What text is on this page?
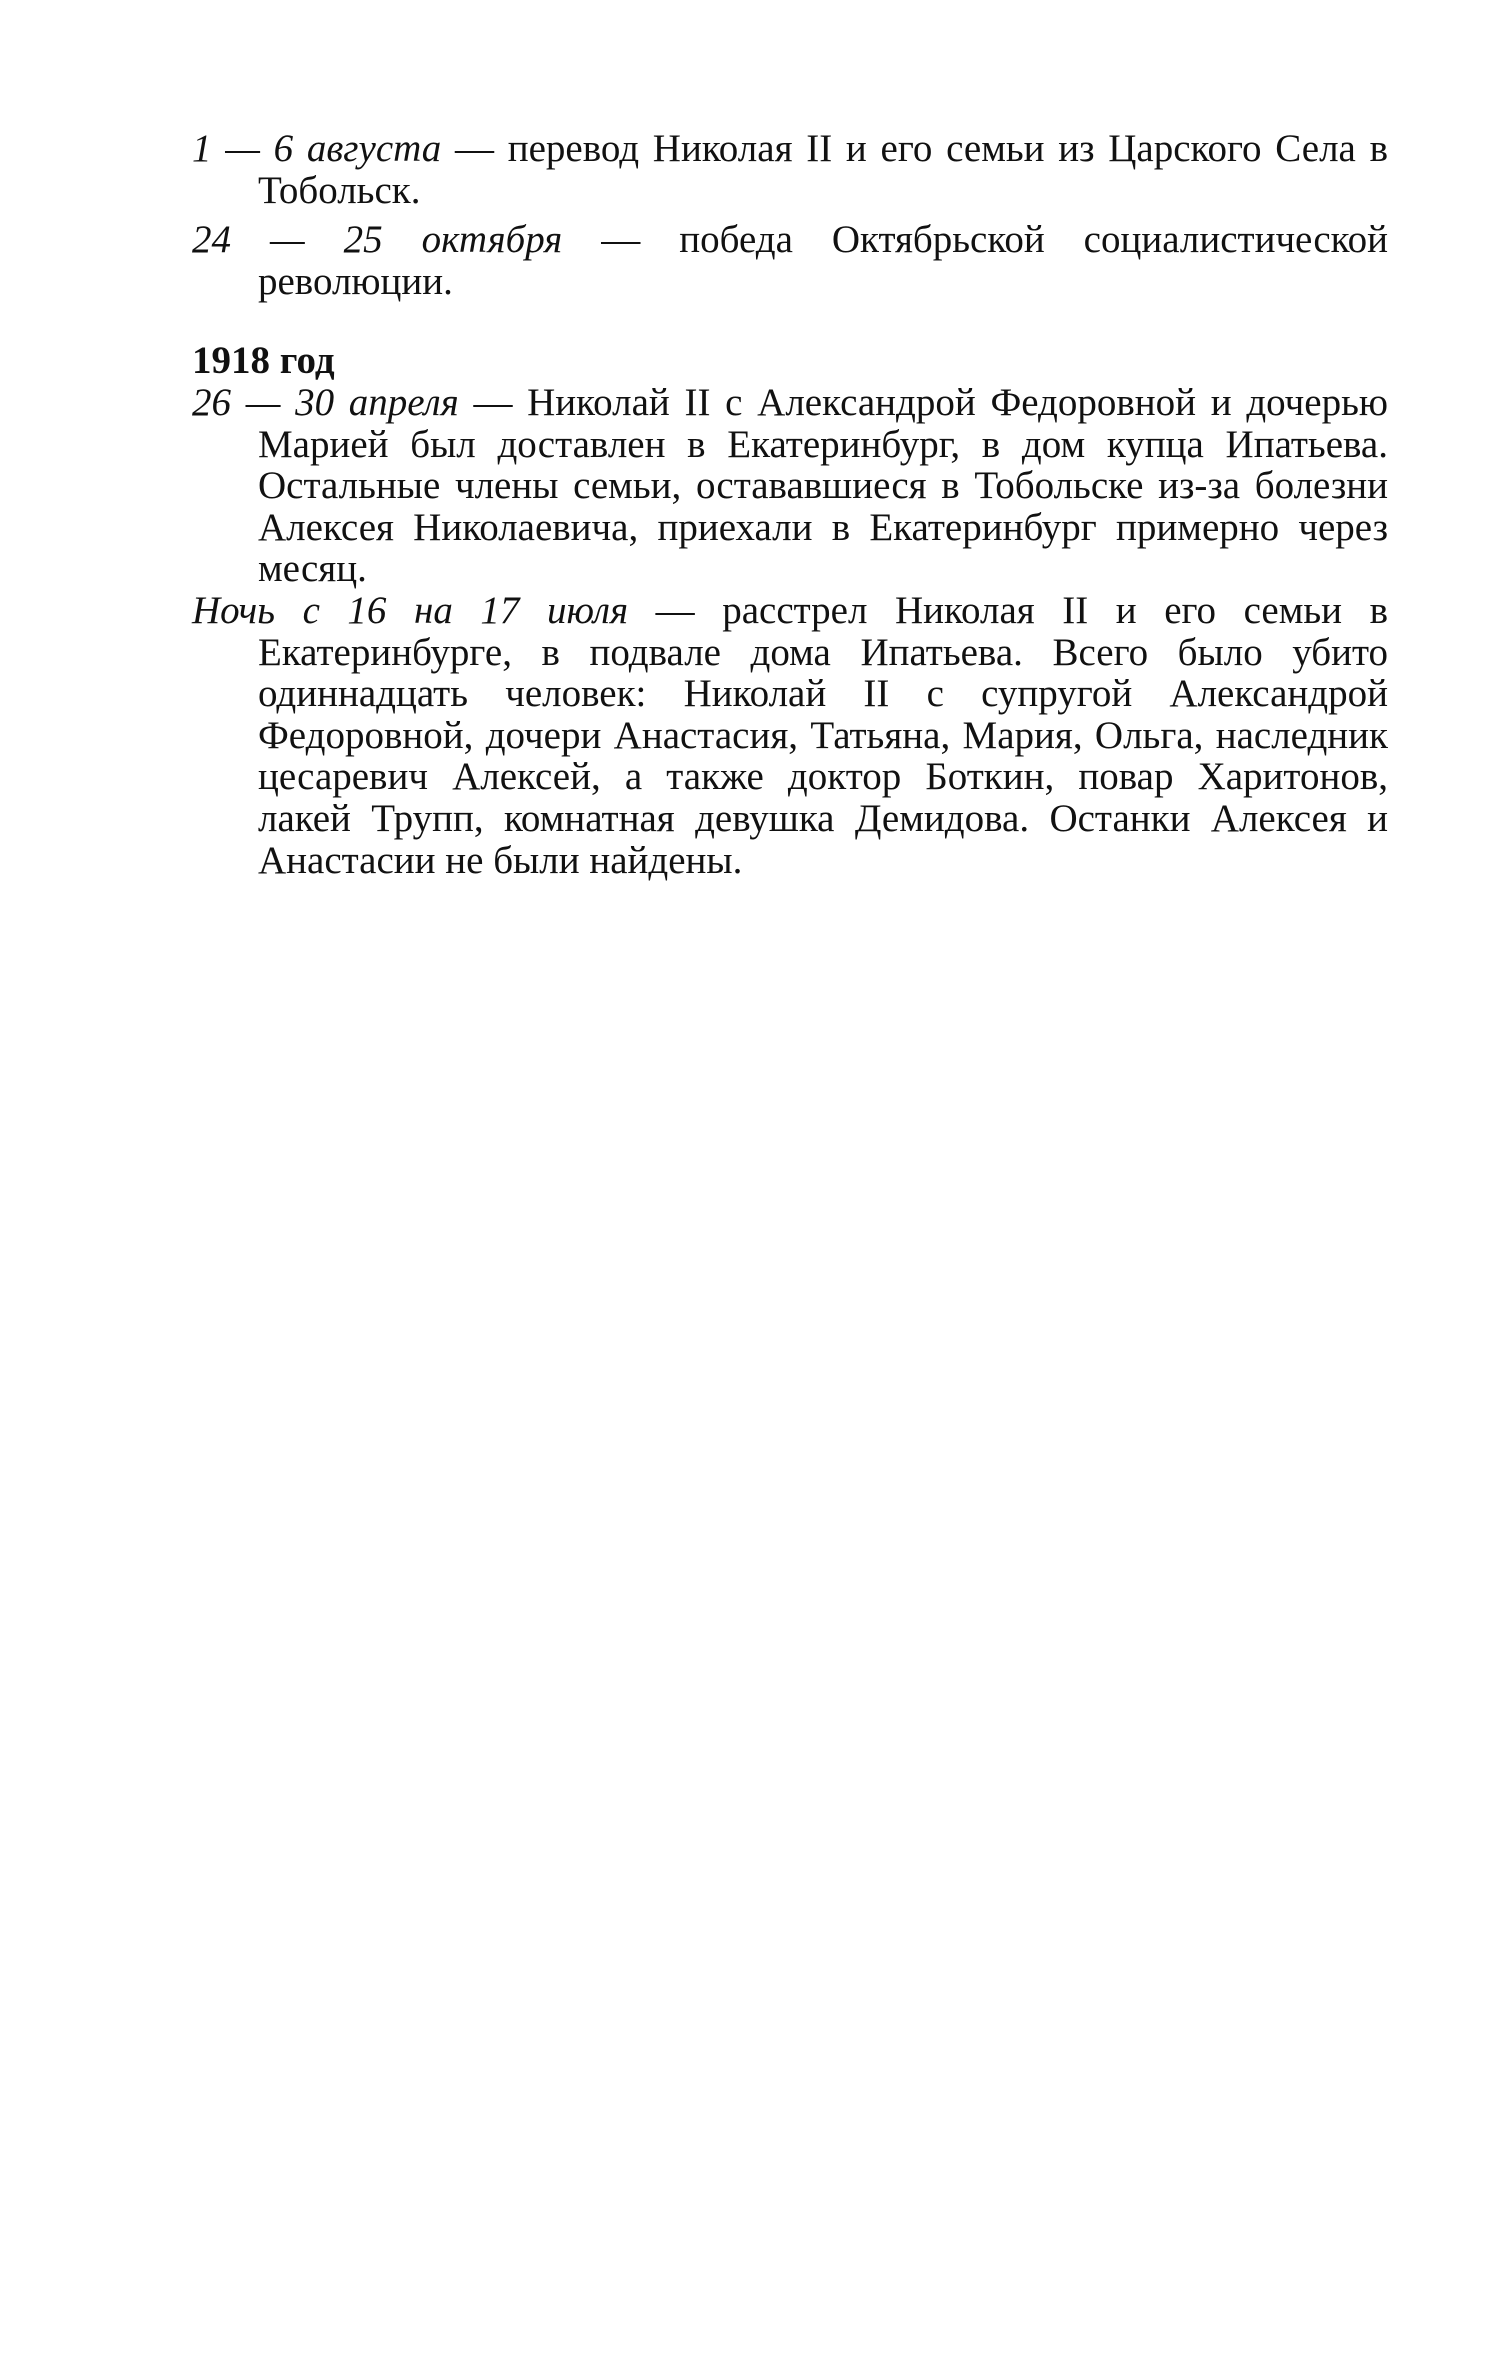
1 — 6 августа — перевод Николая II и его семьи из Царского Села в Тобольск.

24 — 25 октября — победа Октябрьской социалистической революции.

1918 год

26 — 30 апреля — Николай II с Александрой Федоровной и дочерью Марией был доставлен в Екатеринбург, в дом купца Ипатьева. Остальные члены семьи, остававшиеся в Тобольске из-за болезни Алексея Николаевича, приехали в Екатеринбург примерно через месяц.

Ночь с 16 на 17 июля — расстрел Николая II и его семьи в Екатеринбурге, в подвале дома Ипатьева. Всего было убито одиннадцать человек: Николай II с супругой Александрой Федоровной, дочери Анастасия, Татьяна, Мария, Ольга, наследник цесаревич Алексей, а также доктор Боткин, повар Харитонов, лакей Трупп, комнатная девушка Демидова. Останки Алексея и Анастасии не были найдены.
